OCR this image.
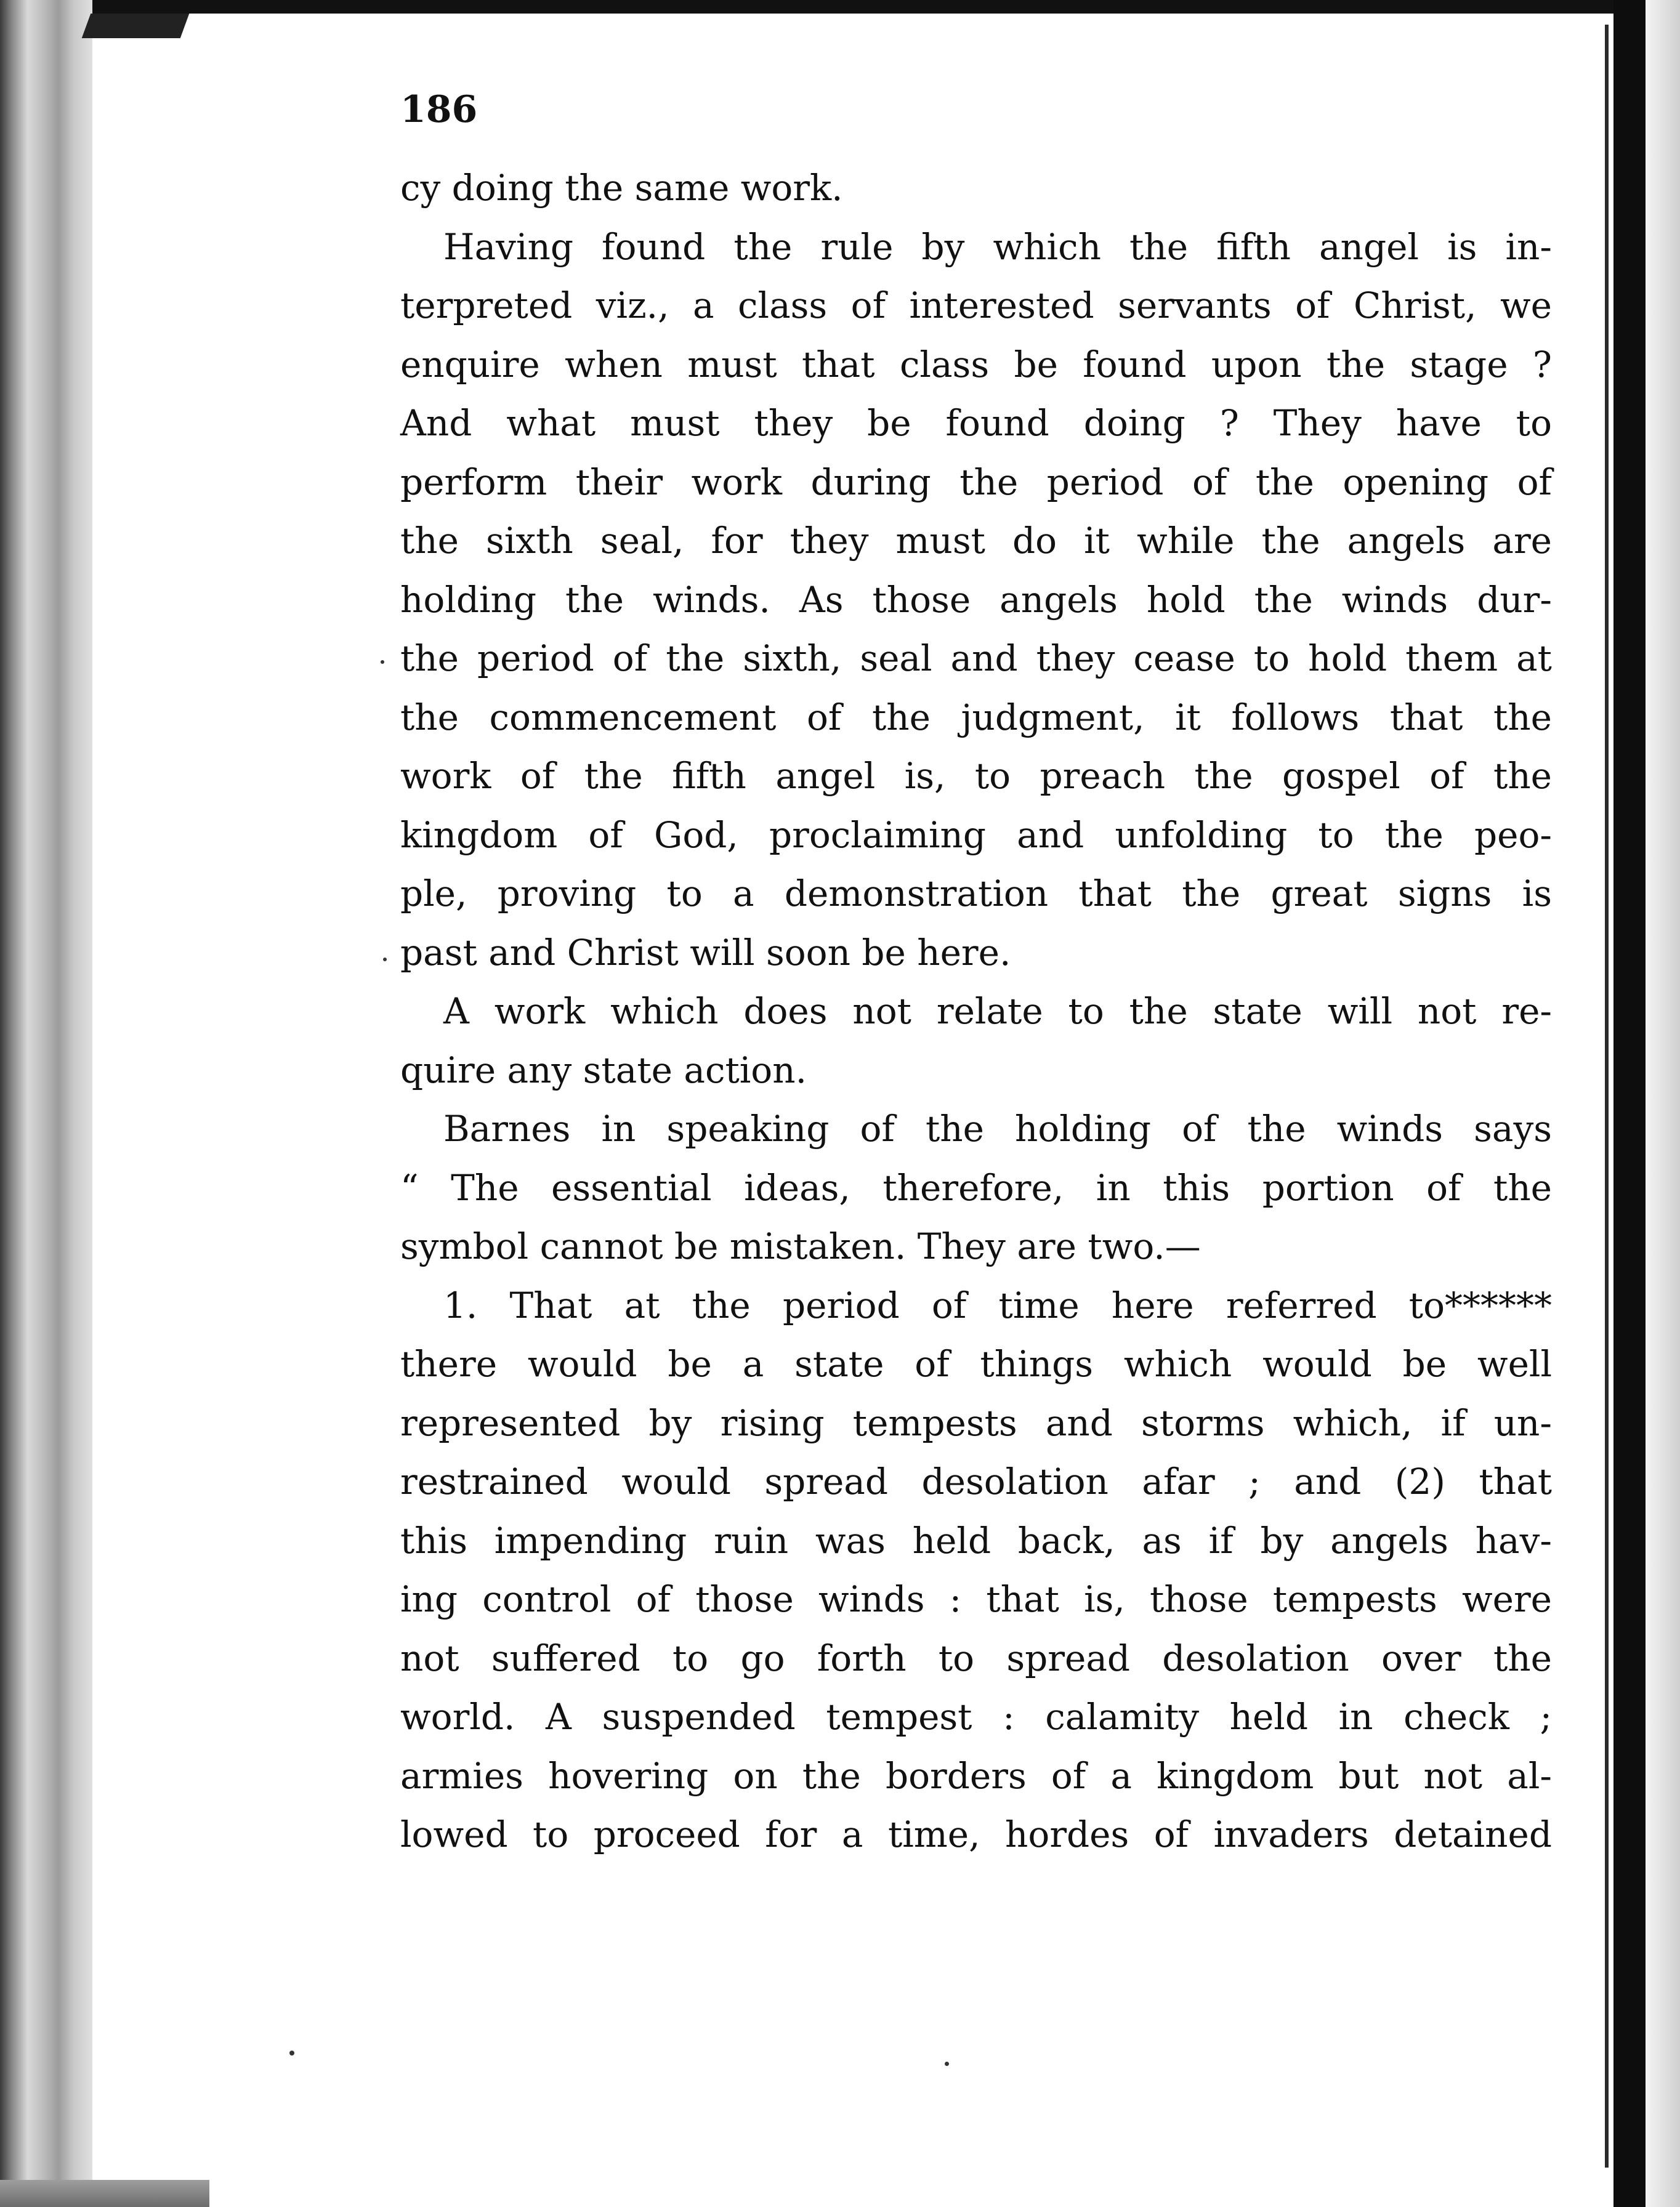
186
cy doing the same work.
Having found the rule by which the fifth angel is in-
terpreted viz., a class of interested servants of Christ, we
enquire when must that class be found upon the stage ?
And what must they be found doing ? They have to
perform their work during the period of the opening of
the sixth seal, for they must do it while the angels are
holding the winds. As those angels hold the winds dur-
the period of the sixth, seal and they cease to hold them at
the commencement of the judgment, it follows that the
work of the fifth angel is, to preach the gospel of the
kingdom of God, proclaiming and unfolding to the peo-
ple, proving to a demonstration that the great signs is
past and Christ will soon be here.
A work which does not relate to the state will not re-
quire any state action.
Barnes in speaking of the holding of the winds says
“ The essential ideas, therefore, in this portion of the
symbol cannot be mistaken. They are two.—
1. That at the period of time here referred to******
there would be a state of things which would be well
represented by rising tempests and storms which, if un-
restrained would spread desolation afar ; and (2) that
this impending ruin was held back, as if by angels hav-
ing control of those winds : that is, those tempests were
not suffered to go forth to spread desolation over the
world. A suspended tempest : calamity held in check ;
armies hovering on the borders of a kingdom but not al-
lowed to proceed for a time, hordes of invaders detained
